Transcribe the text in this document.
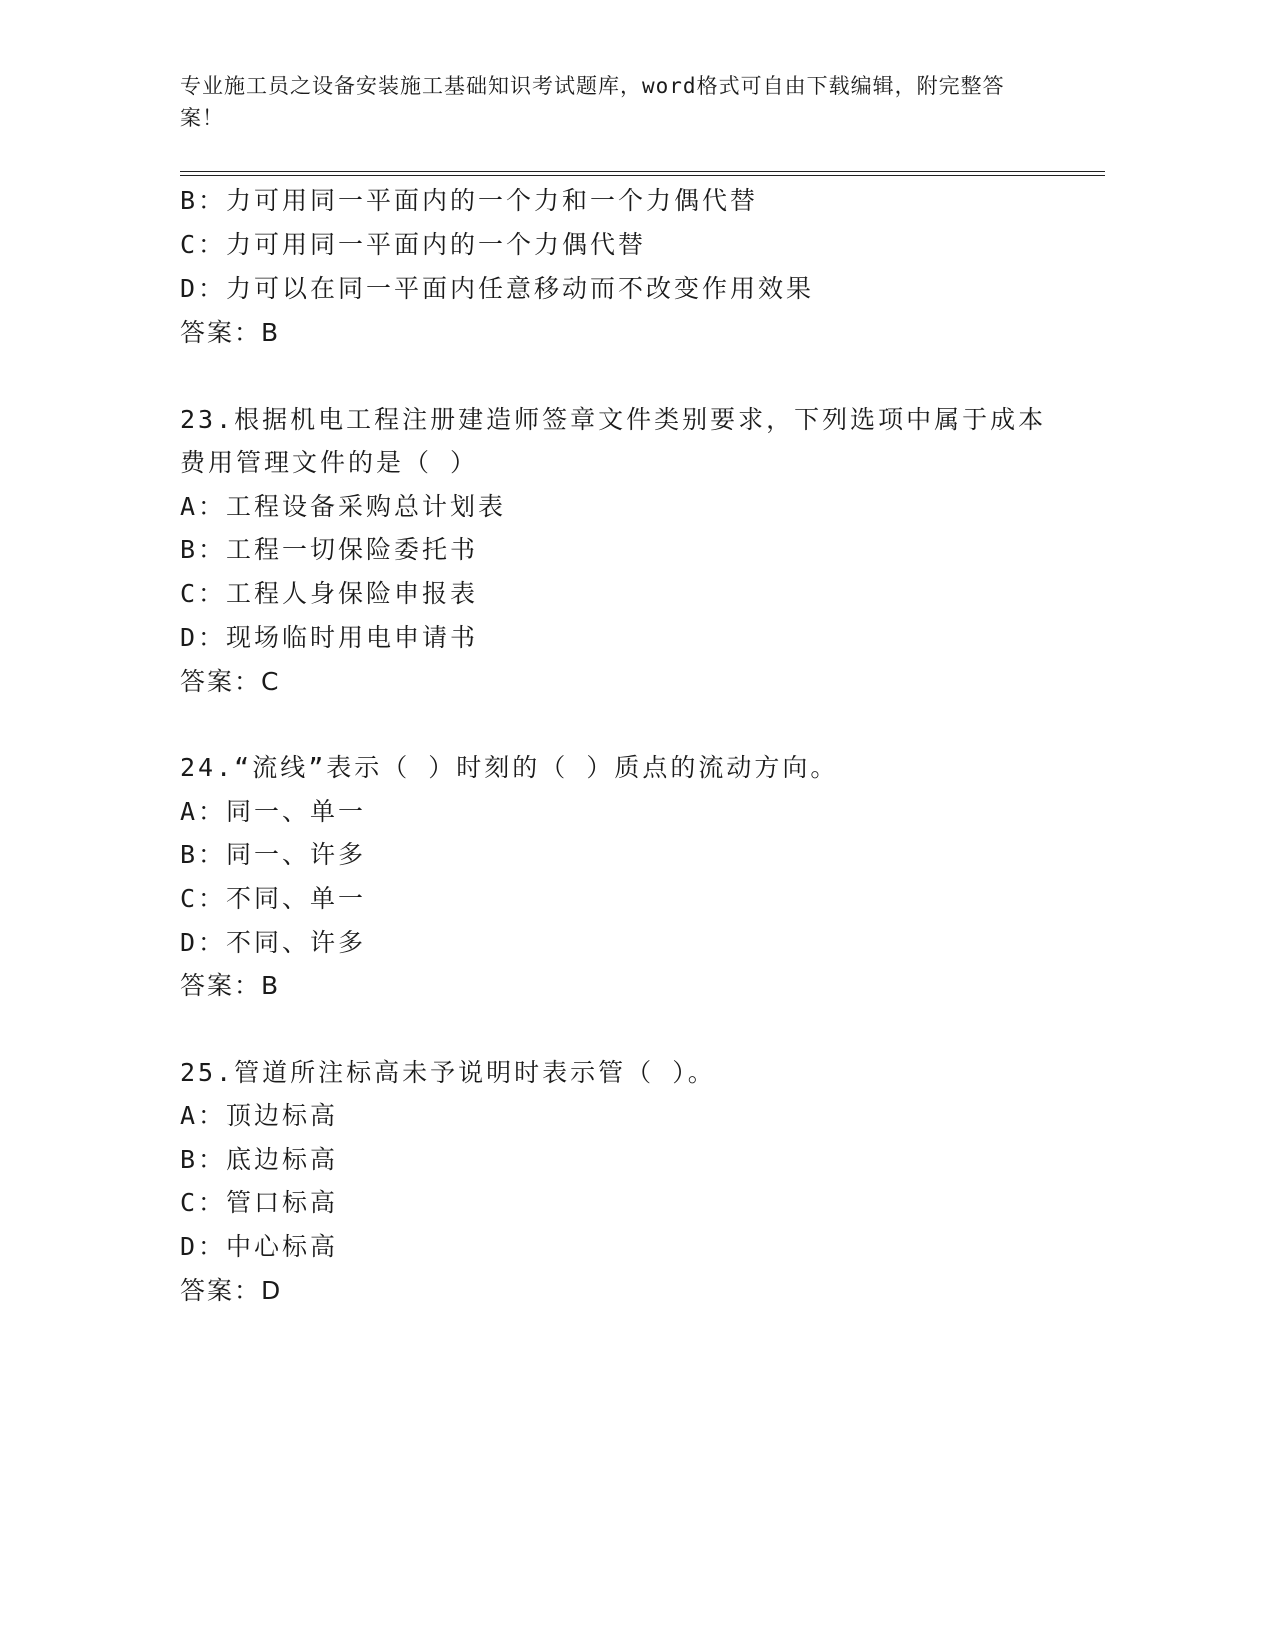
专业施工员之设备安装施工基础知识考试题库，word格式可自由下载编辑，附完整答案！
B：力可用同一平面内的一个力和一个力偶代替
C：力可用同一平面内的一个力偶代替
D：力可以在同一平面内任意移动而不改变作用效果
答案：B
23.根据机电工程注册建造师签章文件类别要求，下列选项中属于成本
费用管理文件的是（ ）
A：工程设备采购总计划表
B：工程一切保险委托书
C：工程人身保险申报表
D：现场临时用电申请书
答案：C
24.“流线”表示（ ）时刻的（ ）质点的流动方向。
A：同一、单一
B：同一、许多
C：不同、单一
D：不同、许多
答案：B
25.管道所注标高未予说明时表示管（ ）。
A：顶边标高
B：底边标高
C：管口标高
D：中心标高
答案：D
